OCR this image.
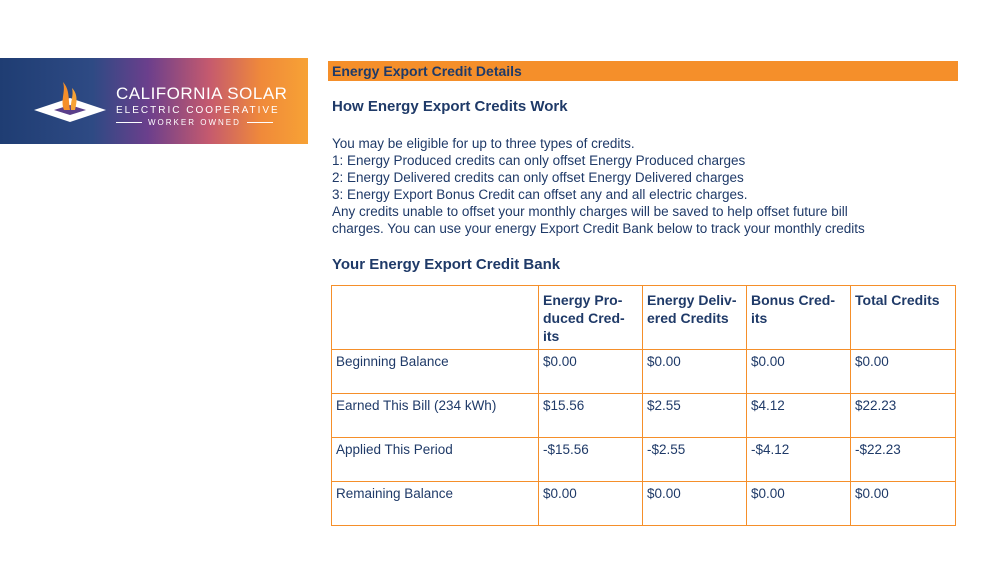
CALIFORNIA SOLAR
ELECTRIC COOPERATIVE
WORKER OWNED
Energy Export Credit Details
How Energy Export Credits Work
You may be eligible for up to three types of credits.
1: Energy Produced credits can only offset Energy Produced charges
2: Energy Delivered credits can only offset Energy Delivered charges
3: Energy Export Bonus Credit can offset any and all electric charges.
Any credits unable to offset your monthly charges will be saved to help offset future bill
charges. You can use your energy Export Credit Bank below to track your monthly credits
Your Energy Export Credit Bank
	Energy Pro-duced Cred-its	Energy Deliv-ered Credits	Bonus Cred-its	Total Credits
Beginning Balance	$0.00	$0.00	$0.00	$0.00
Earned This Bill (234 kWh)	$15.56	$2.55	$4.12	$22.23
Applied This Period	-$15.56	-$2.55	-$4.12	-$22.23
Remaining Balance	$0.00	$0.00	$0.00	$0.00
